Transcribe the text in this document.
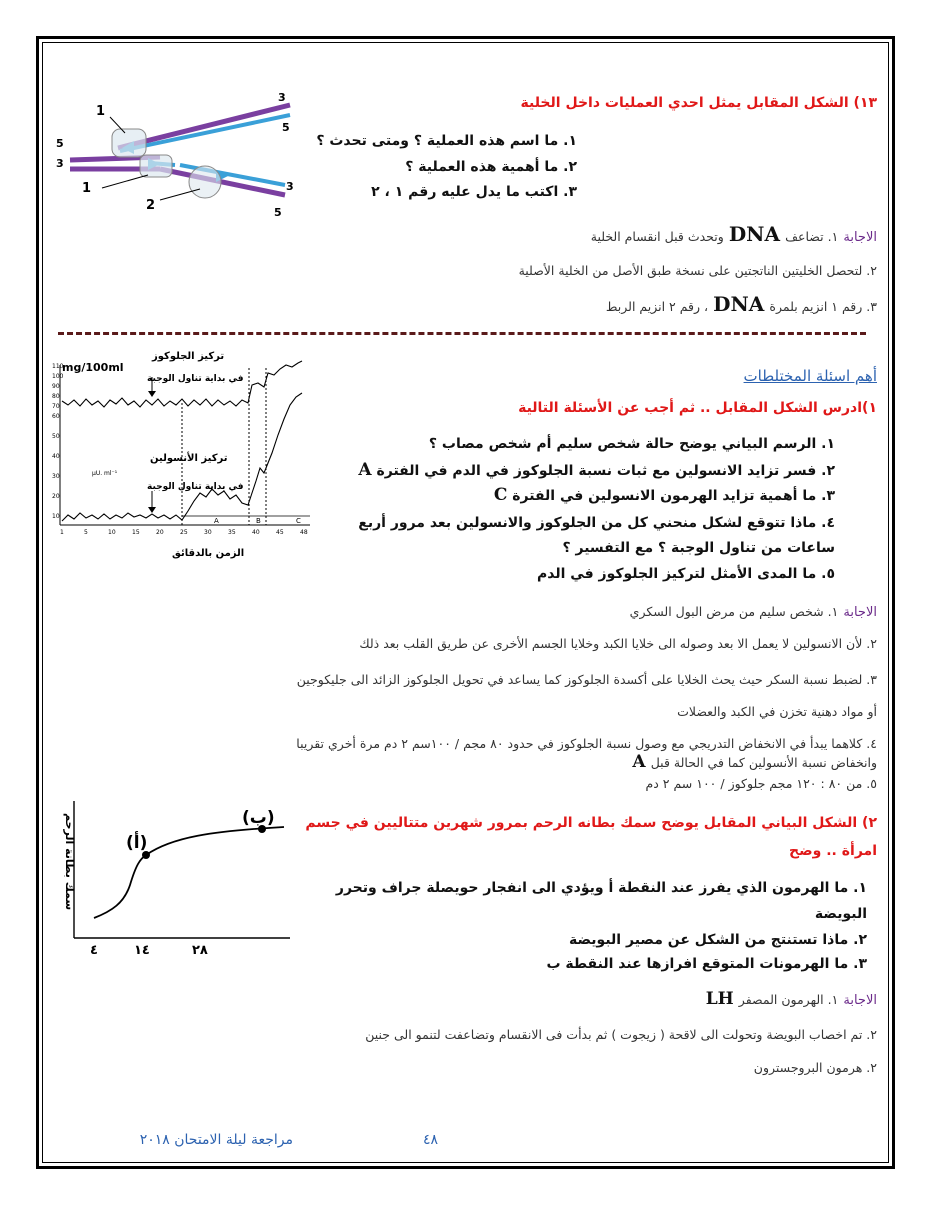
1
1
2
3
5
5
3
3
5
١٣) الشكل المقابل يمثل احدي العمليات داخل الخلية
١. ما اسم هذه العملية ؟ ومتى تحدث ؟
٢. ما أهمية هذه العملية ؟
٣. اكتب ما يدل عليه رقم ١ ، ٢
الاجابة ١. تضاعف DNA وتحدث قبل انقسام الخلية
٢. لتحصل الخليتين الناتجتين على نسخة طبق الأصل من الخلية الأصلية
٣. رقم ١ انزيم بلمرة DNA ، رقم ٢ انزيم الربط
A	B	C
تركيز الجلوكوز
mg/100ml
في بداية تناول الوجبة
تركيز الأنسولين
μU. ml⁻¹
في بداية تناول الوجبة
الزمن بالدقائق
110
100
90
80
70
60
50
40
30
20
10
1	5	10	15	20	25	30	35	40	45	48
أهم اسئلة المختلطات
١)ادرس الشكل المقابل .. ثم أجب عن الأسئلة التالية
١. الرسم البياني يوضح حالة شخص سليم أم شخص مصاب ؟
٢. فسر تزايد الانسولين مع ثبات نسبة الجلوكوز في الدم في الفترة A
٣. ما أهمية تزايد الهرمون الانسولين في الفترة C
٤. ماذا تتوقع لشكل منحني كل من الجلوكوز والانسولين بعد مرور أربع
ساعات من تناول الوجبة ؟ مع التفسير ؟
٥. ما المدى الأمثل لتركيز الجلوكوز في الدم
الاجابة ١. شخص سليم من مرض البول السكري
٢. لأن الانسولين لا يعمل الا بعد وصوله الى خلايا الكبد وخلايا الجسم الأخرى عن طريق القلب بعد ذلك
٣. لضبط نسبة السكر حيث يحث الخلايا على أكسدة الجلوكوز كما يساعد في تحويل الجلوكوز الزائد الى جليكوجين
أو مواد دهنية تخزن في الكبد والعضلات
٤. كلاهما يبدأ في الانخفاض التدريجي مع وصول نسبة الجلوكوز في حدود ٨٠ مجم / ١٠٠سم ٢ دم مرة أخري تقريبا
وانخفاض نسبة الأنسولين كما في الحالة قبل A
٥. من ٨٠ : ١٢٠ مجم جلوكوز / ١٠٠ سم ٢ دم
(أ)
(ب)
٤	١٤	٢٨
سمك بطانة الرحم	٢) الشكل البياني المقابل يوضح سمك بطانه الرحم بمرور شهرين متتاليين في جسم
امرأة .. وضح
١. ما الهرمون الذي يفرز عند النقطة أ ويؤدي الى انفجار حويصلة جراف وتحرر
البويضة
٢. ماذا تستنتج من الشكل عن مصير البويضة
٣. ما الهرمونات المتوقع افرازها عند النقطة ب
الاجابة ١. الهرمون المصفر LH
٢. تم اخصاب البويضة وتحولت الى لاقحة ( زيجوت ) ثم بدأت فى الانقسام وتضاعفت لتنمو الى جنين
٢. هرمون البروجسترون
٤٨
مراجعة ليلة الامتحان ٢٠١٨
